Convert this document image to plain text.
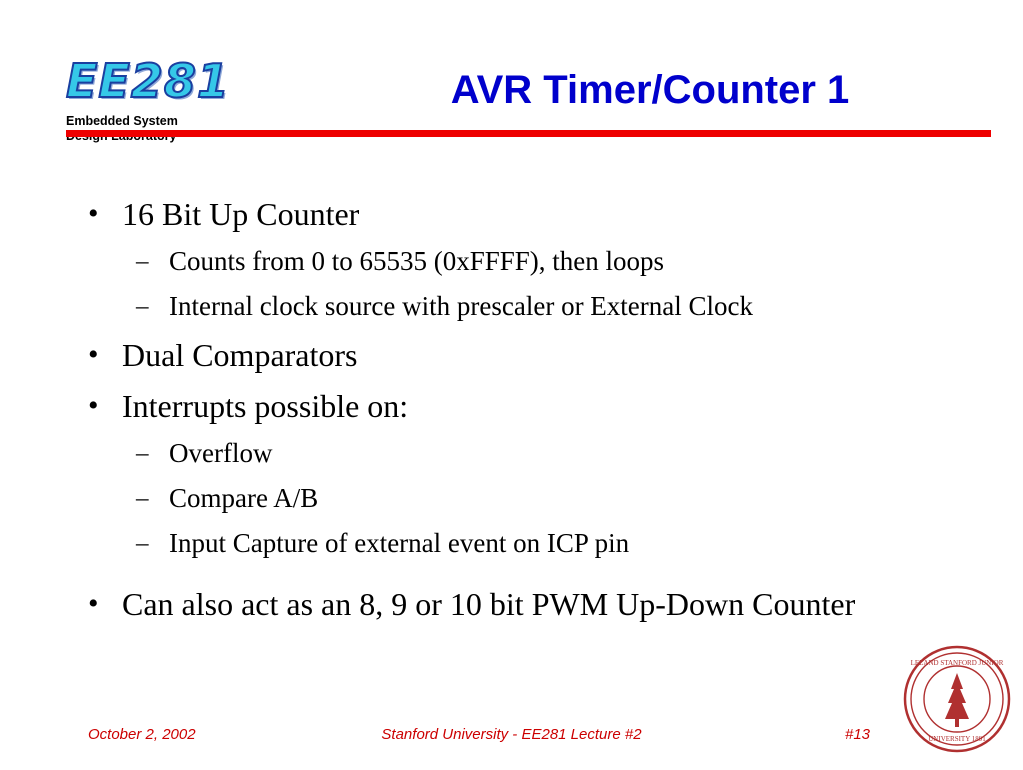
EE281
Embedded System
AVR Timer/Counter 1
• 16 Bit Up Counter
– Counts from 0 to 65535 (0xFFFF), then loops
– Internal clock source with prescaler or External Clock
• Dual Comparators
• Interrupts possible on:
– Overflow
– Compare A/B
– Input Capture of external event on ICP pin
• Can also act as an 8, 9 or 10 bit PWM Up-Down Counter
LELAND STANFORD JUNIOR
UNIVERSITY 1891
October 2, 2002	Stanford University - EE281 Lecture #2	#13
